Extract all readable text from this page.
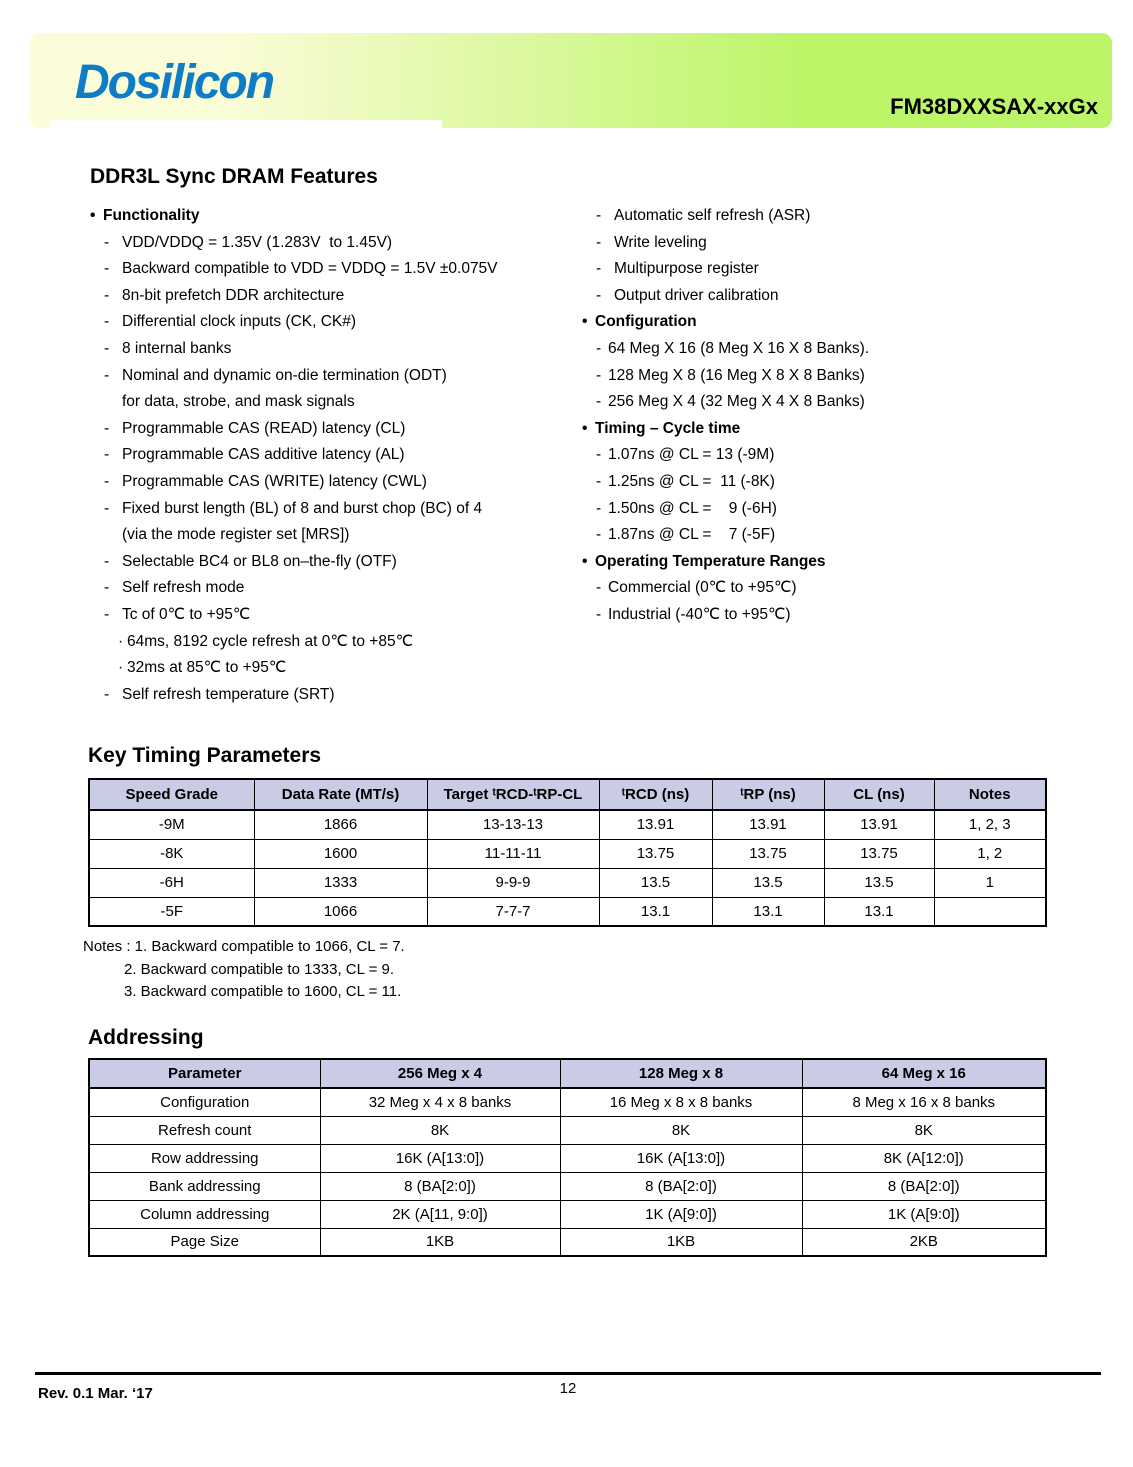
Dosilicon	FM38DXXSAX-xxGx
DDR3L Sync DRAM Features
• Functionality
- VDD/VDDQ = 1.35V (1.283V  to 1.45V)
- Backward compatible to VDD = VDDQ = 1.5V ±0.075V
- 8n-bit prefetch DDR architecture
- Differential clock inputs (CK, CK#)
- 8 internal banks
- Nominal and dynamic on-die termination (ODT)
for data, strobe, and mask signals
- Programmable CAS (READ) latency (CL)
- Programmable CAS additive latency (AL)
- Programmable CAS (WRITE) latency (CWL)
- Fixed burst length (BL) of 8 and burst chop (BC) of 4
(via the mode register set [MRS])
- Selectable BC4 or BL8 on–the-fly (OTF)
- Self refresh mode
- Tc of 0℃ to +95℃
· 64ms, 8192 cycle refresh at 0℃ to +85℃
· 32ms at 85℃ to +95℃
- Self refresh temperature (SRT)
- Automatic self refresh (ASR)
- Write leveling
- Multipurpose register
- Output driver calibration
• Configuration
- 64 Meg X 16 (8 Meg X 16 X 8 Banks).
- 128 Meg X 8 (16 Meg X 8 X 8 Banks)
- 256 Meg X 4 (32 Meg X 4 X 8 Banks)
• Timing – Cycle time
- 1.07ns @ CL = 13 (-9M)
- 1.25ns @ CL =  11 (-8K)
- 1.50ns @ CL =    9 (-6H)
- 1.87ns @ CL =    7 (-5F)
• Operating Temperature Ranges
- Commercial (0℃ to +95℃)
- Industrial (-40℃ to +95℃)
Key Timing Parameters
Speed Grade	Data Rate (MT/s)	Target ᵗRCD-ᵗRP-CL	ᵗRCD (ns)	ᵗRP (ns)	CL (ns)	Notes
-9M	1866	13-13-13	13.91	13.91	13.91	1, 2, 3
-8K	1600	11-11-11	13.75	13.75	13.75	1, 2
-6H	1333	9-9-9	13.5	13.5	13.5	1
-5F	1066	7-7-7	13.1	13.1	13.1	
Notes : 1. Backward compatible to 1066, CL = 7.
2. Backward compatible to 1333, CL = 9.
3. Backward compatible to 1600, CL = 11.
Addressing
Parameter	256 Meg x 4	128 Meg x 8	64 Meg x 16
Configuration	32 Meg x 4 x 8 banks	16 Meg x 8 x 8 banks	8 Meg x 16 x 8 banks
Refresh count	8K	8K	8K
Row addressing	16K (A[13:0])	16K (A[13:0])	8K (A[12:0])
Bank addressing	8 (BA[2:0])	8 (BA[2:0])	8 (BA[2:0])
Column addressing	2K (A[11, 9:0])	1K (A[9:0])	1K (A[9:0])
Page Size	1KB	1KB	2KB
Rev. 0.1 Mar. ‘17	12
